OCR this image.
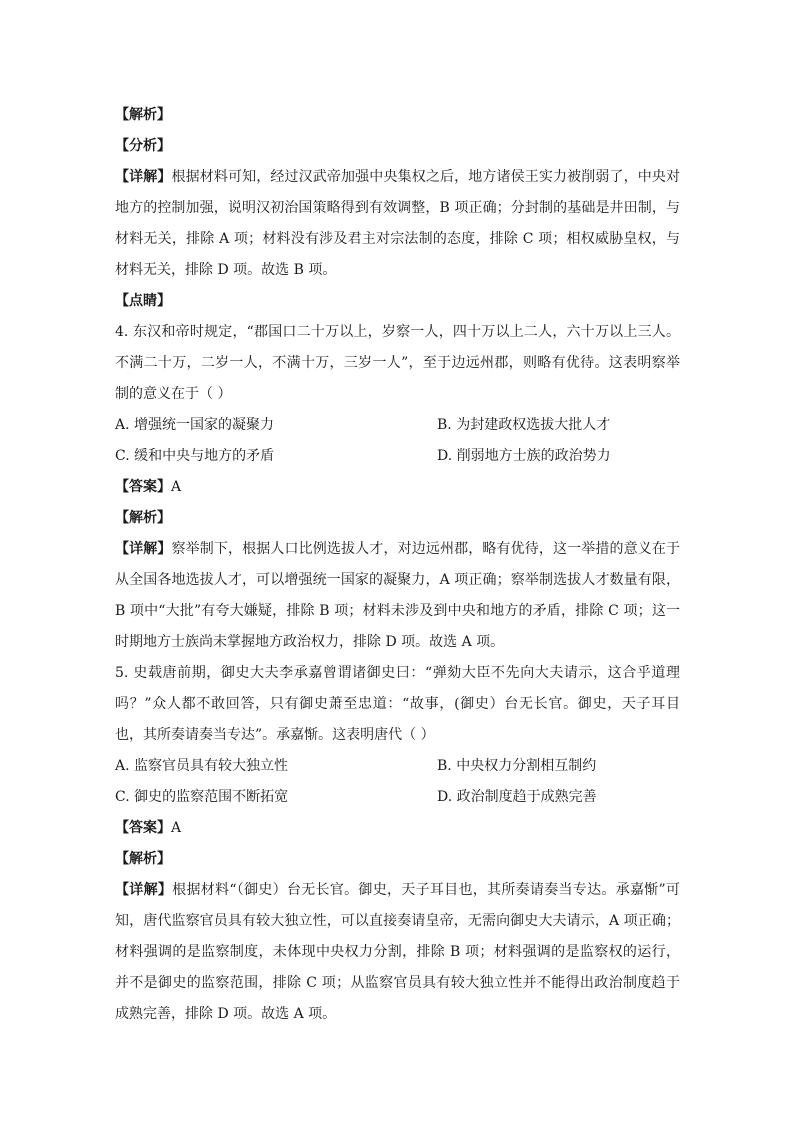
【解析】
【分析】
【详解】根据材料可知，经过汉武帝加强中央集权之后，地方诸侯王实力被削弱了，中央对地方的控制加强，说明汉初治国策略得到有效调整，B 项正确；分封制的基础是井田制，与材料无关，排除 A 项；材料没有涉及君主对宗法制的态度，排除 C 项；相权威胁皇权，与材料无关，排除 D 项。故选 B 项。
【点睛】
4. 东汉和帝时规定，“郡国口二十万以上，岁察一人，四十万以上二人，六十万以上三人。不满二十万，二岁一人，不满十万，三岁一人”，至于边远州郡，则略有优待。这表明察举制的意义在于（ ）
A. 增强统一国家的凝聚力	B. 为封建政权选拔大批人才
C. 缓和中央与地方的矛盾	D. 削弱地方士族的政治势力
【答案】A
【解析】
【详解】察举制下，根据人口比例选拔人才，对边远州郡，略有优待，这一举措的意义在于从全国各地选拔人才，可以增强统一国家的凝聚力，A 项正确；察举制选拔人才数量有限，B 项中“大批”有夸大嫌疑，排除 B 项；材料未涉及到中央和地方的矛盾，排除 C 项；这一时期地方士族尚未掌握地方政治权力，排除 D 项。故选 A 项。
5. 史载唐前期，御史大夫李承嘉曾谓诸御史曰：“弹劾大臣不先向大夫请示，这合乎道理吗？”众人都不敢回答，只有御史萧至忠道：“故事，(御史）台无长官。御史，天子耳目也，其所奏请奏当专达”。承嘉惭。这表明唐代（ ）
A. 监察官员具有较大独立性	B. 中央权力分割相互制约
C. 御史的监察范围不断拓宽	D. 政治制度趋于成熟完善
【答案】A
【解析】
【详解】根据材料“（御史）台无长官。御史，天子耳目也，其所奏请奏当专达。承嘉惭”可知，唐代监察官员具有较大独立性，可以直接奏请皇帝，无需向御史大夫请示，A 项正确；材料强调的是监察制度，未体现中央权力分割，排除 B 项；材料强调的是监察权的运行，并不是御史的监察范围，排除 C 项；从监察官员具有较大独立性并不能得出政治制度趋于成熟完善，排除 D 项。故选 A 项。
